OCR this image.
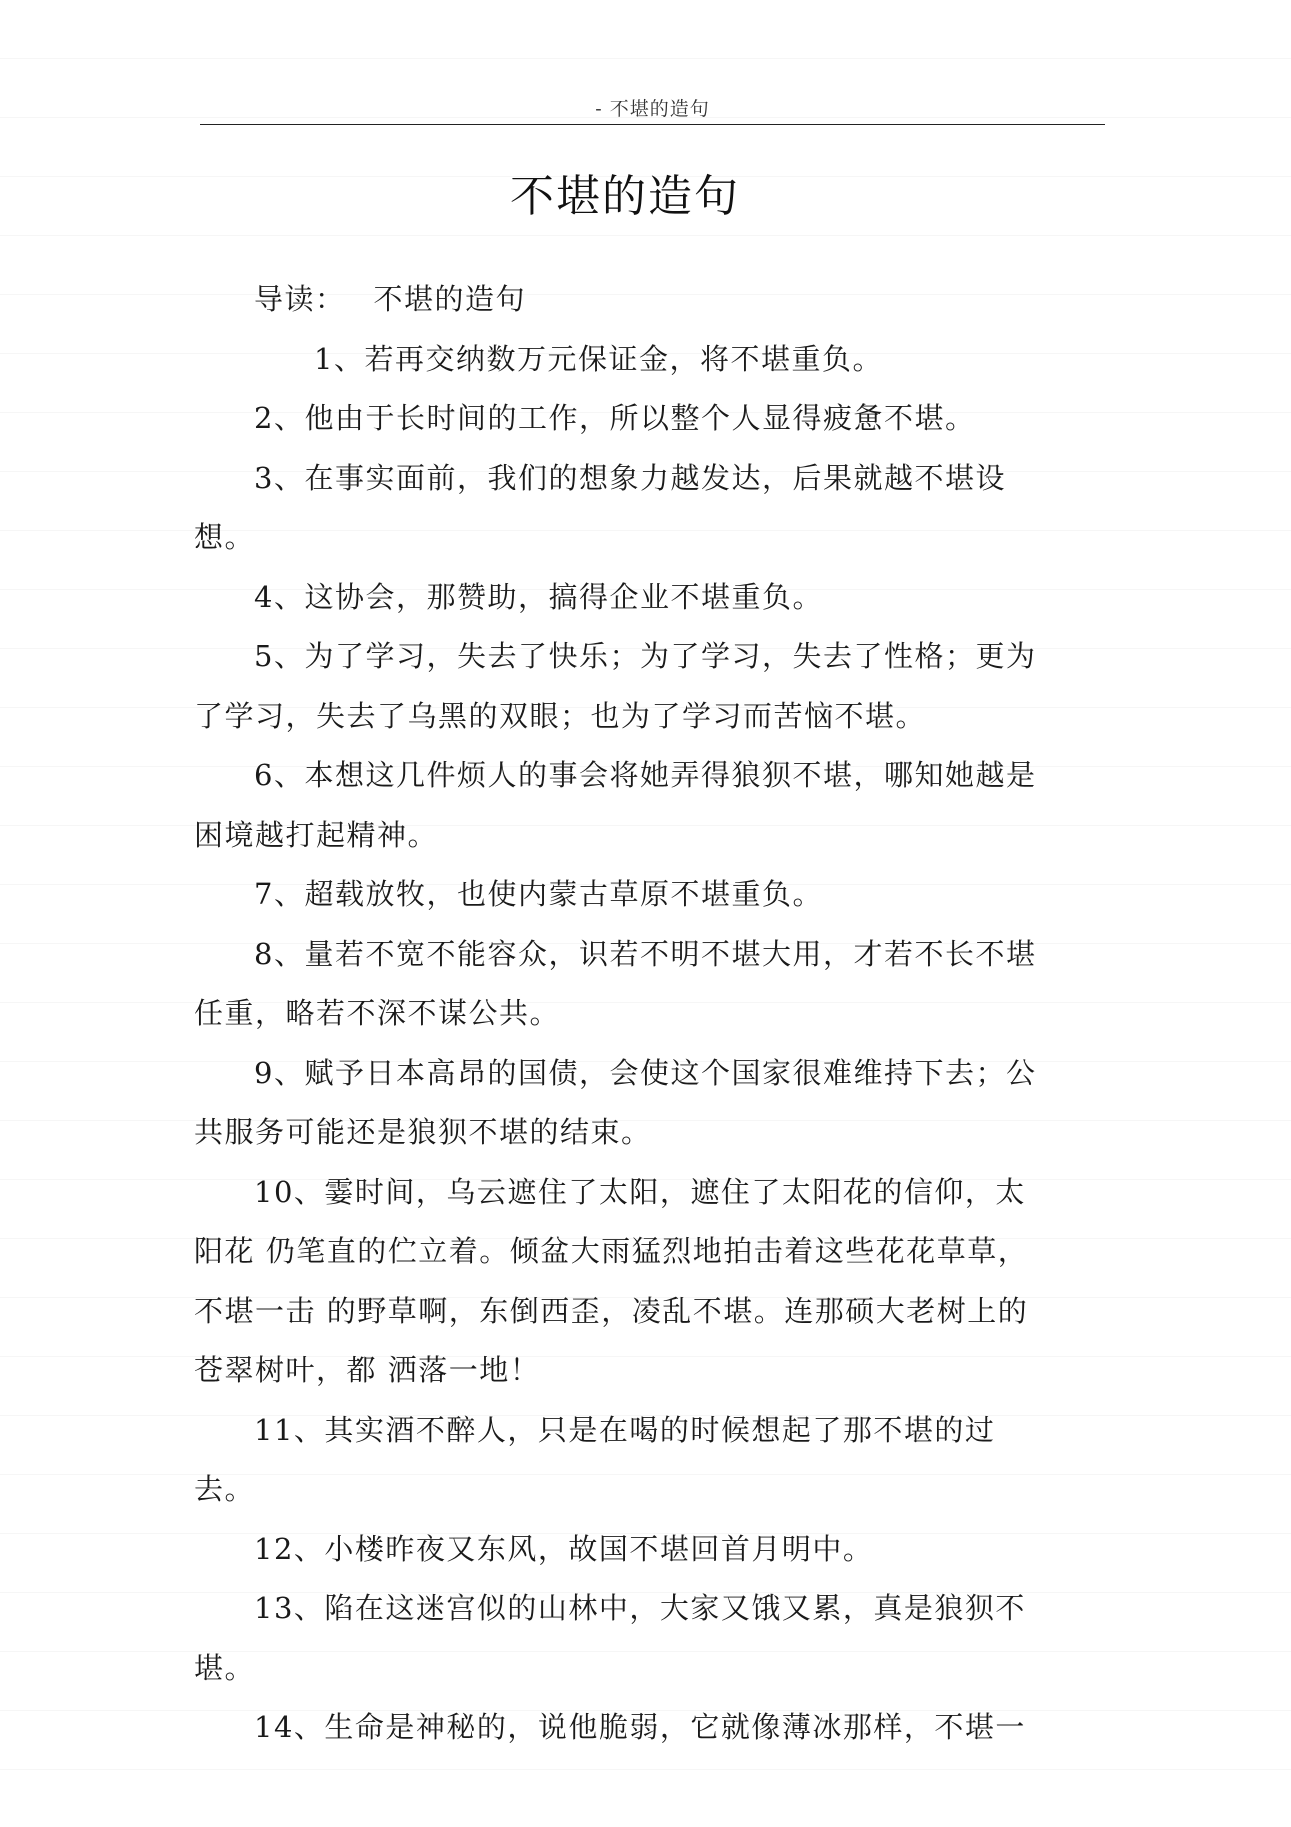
- 不堪的造句
不堪的造句
导读： 不堪的造句

1、若再交纳数万元保证金，将不堪重负。

2、他由于长时间的工作，所以整个人显得疲惫不堪。

3、在事实面前，我们的想象力越发达，后果就越不堪设想。

4、这协会，那赞助，搞得企业不堪重负。

5、为了学习，失去了快乐；为了学习，失去了性格；更为了学习，失去了乌黑的双眼；也为了学习而苦恼不堪。

6、本想这几件烦人的事会将她弄得狼狈不堪，哪知她越是困境越打起精神。

7、超载放牧，也使内蒙古草原不堪重负。

8、量若不宽不能容众，识若不明不堪大用，才若不长不堪任重，略若不深不谋公共。

9、赋予日本高昂的国债，会使这个国家很难维持下去；公共服务可能还是狼狈不堪的结束。

10、霎时间，乌云遮住了太阳，遮住了太阳花的信仰，太阳花 仍笔直的伫立着。倾盆大雨猛烈地拍击着这些花花草草，不堪一击 的野草啊，东倒西歪，凌乱不堪。连那硕大老树上的苍翠树叶，都 洒落一地！

11、其实酒不醉人，只是在喝的时候想起了那不堪的过去。

12、小楼昨夜又东风，故国不堪回首月明中。

13、陷在这迷宫似的山林中，大家又饿又累，真是狼狈不堪。

14、生命是神秘的，说他脆弱，它就像薄冰那样，不堪一
